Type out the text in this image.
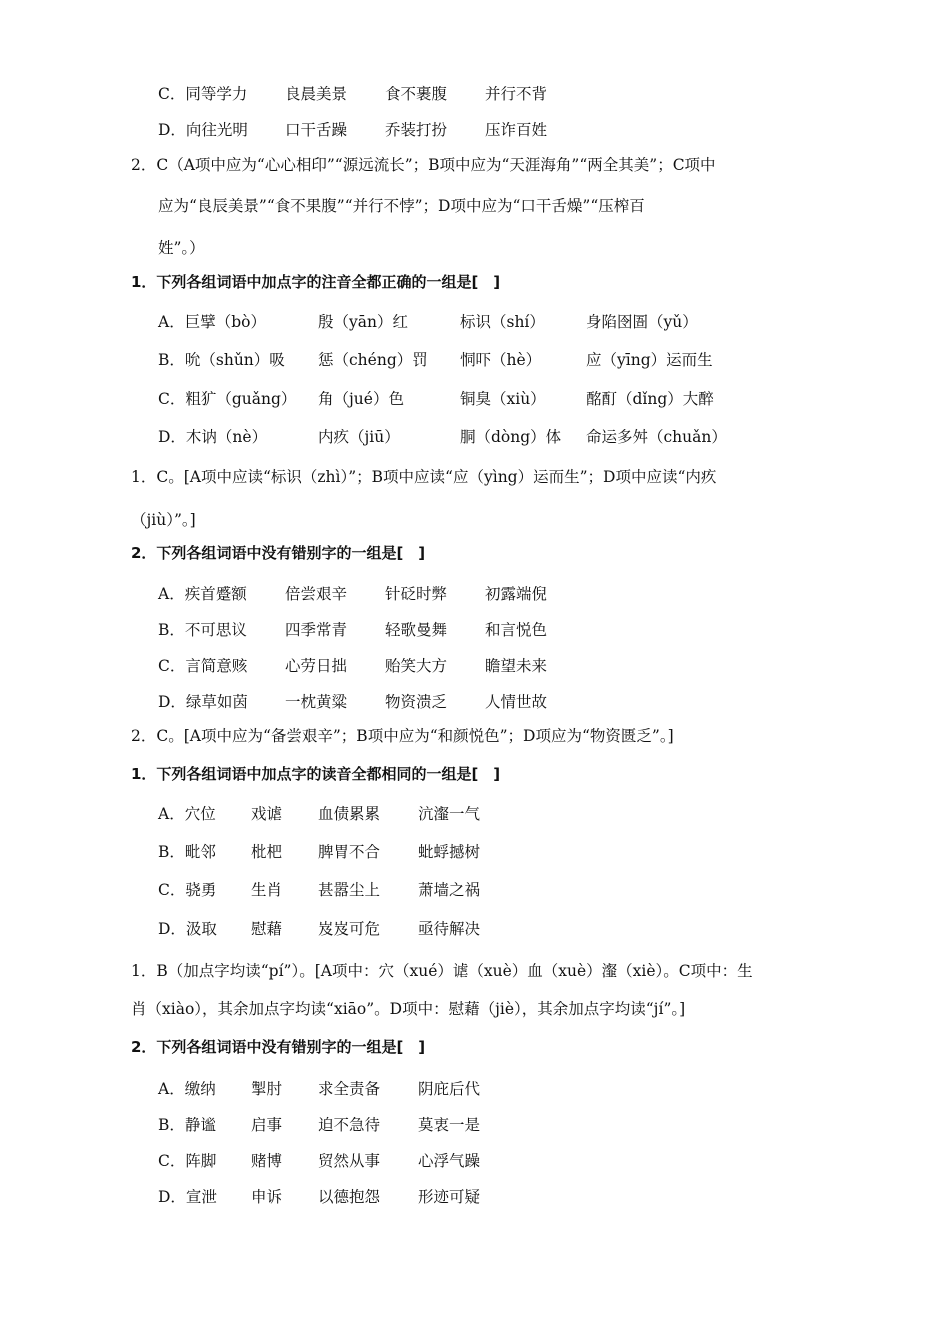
C．同等学力 良晨美景 食不裹腹 并行不背
D．向往光明 口干舌躁 乔装打扮 压诈百姓
2．C（A项中应为“心心相印”“源远流长”；B项中应为“天涯海角”“两全其美”；C项中
应为“良辰美景”“食不果腹”“并行不悖”；D项中应为“口干舌燥”“压榨百
姓”。）
1．下列各组词语中加点字的注音全都正确的一组是[　]
A．巨擘（bò）	殷（yān）红	标识（shí）	身陷囹圄（yǔ）
B．吮（shǔn）吸 惩（chéng）罚 恫吓（hè）	应（yīng）运而生
C．粗犷（guǎng） 角（jué）色	铜臭（xiù）	酩酊（dǐng）大醉
D．木讷（nè）	内疚（jiū）	胴（dòng）体 命运多舛（chuǎn）
1．C。[A项中应读“标识（zhì）”；B项中应读“应（yìng）运而生”；D项中应读“内疚
（jiù）”。]
2．下列各组词语中没有错别字的一组是[　]
A．疾首蹙额 倍尝艰辛 针砭时弊 初露端倪
B．不可思议 四季常青 轻歌曼舞 和言悦色
C．言简意赅 心劳日拙 贻笑大方 瞻望未来
D．绿草如茵 一枕黄粱 物资溃乏 人情世故
2．C。[A项中应为“备尝艰辛”；B项中应为“和颜悦色”；D项应为“物资匮乏”。]
1．下列各组词语中加点字的读音全都相同的一组是[　]
A．穴位 戏谑 血债累累 沆瀣一气
B．毗邻 枇杷 脾胃不合 蚍蜉撼树
C．骁勇 生肖 甚嚣尘上 萧墙之祸
D．汲取 慰藉 岌岌可危 亟待解决
1．B（加点字均读“pí”）。[A项中：穴（xué）谑（xuè）血（xuè）瀣（xiè）。C项中：生
肖（xiào），其余加点字均读“xiāo”。D项中：慰藉（jiè），其余加点字均读“jí”。]
2．下列各组词语中没有错别字的一组是[　]
A．缴纳 掣肘 求全责备 阴庇后代
B．静谧 启事 迫不急待 莫衷一是
C．阵脚 赌博 贸然从事 心浮气躁
D．宣泄 申诉 以德抱怨 形迹可疑
